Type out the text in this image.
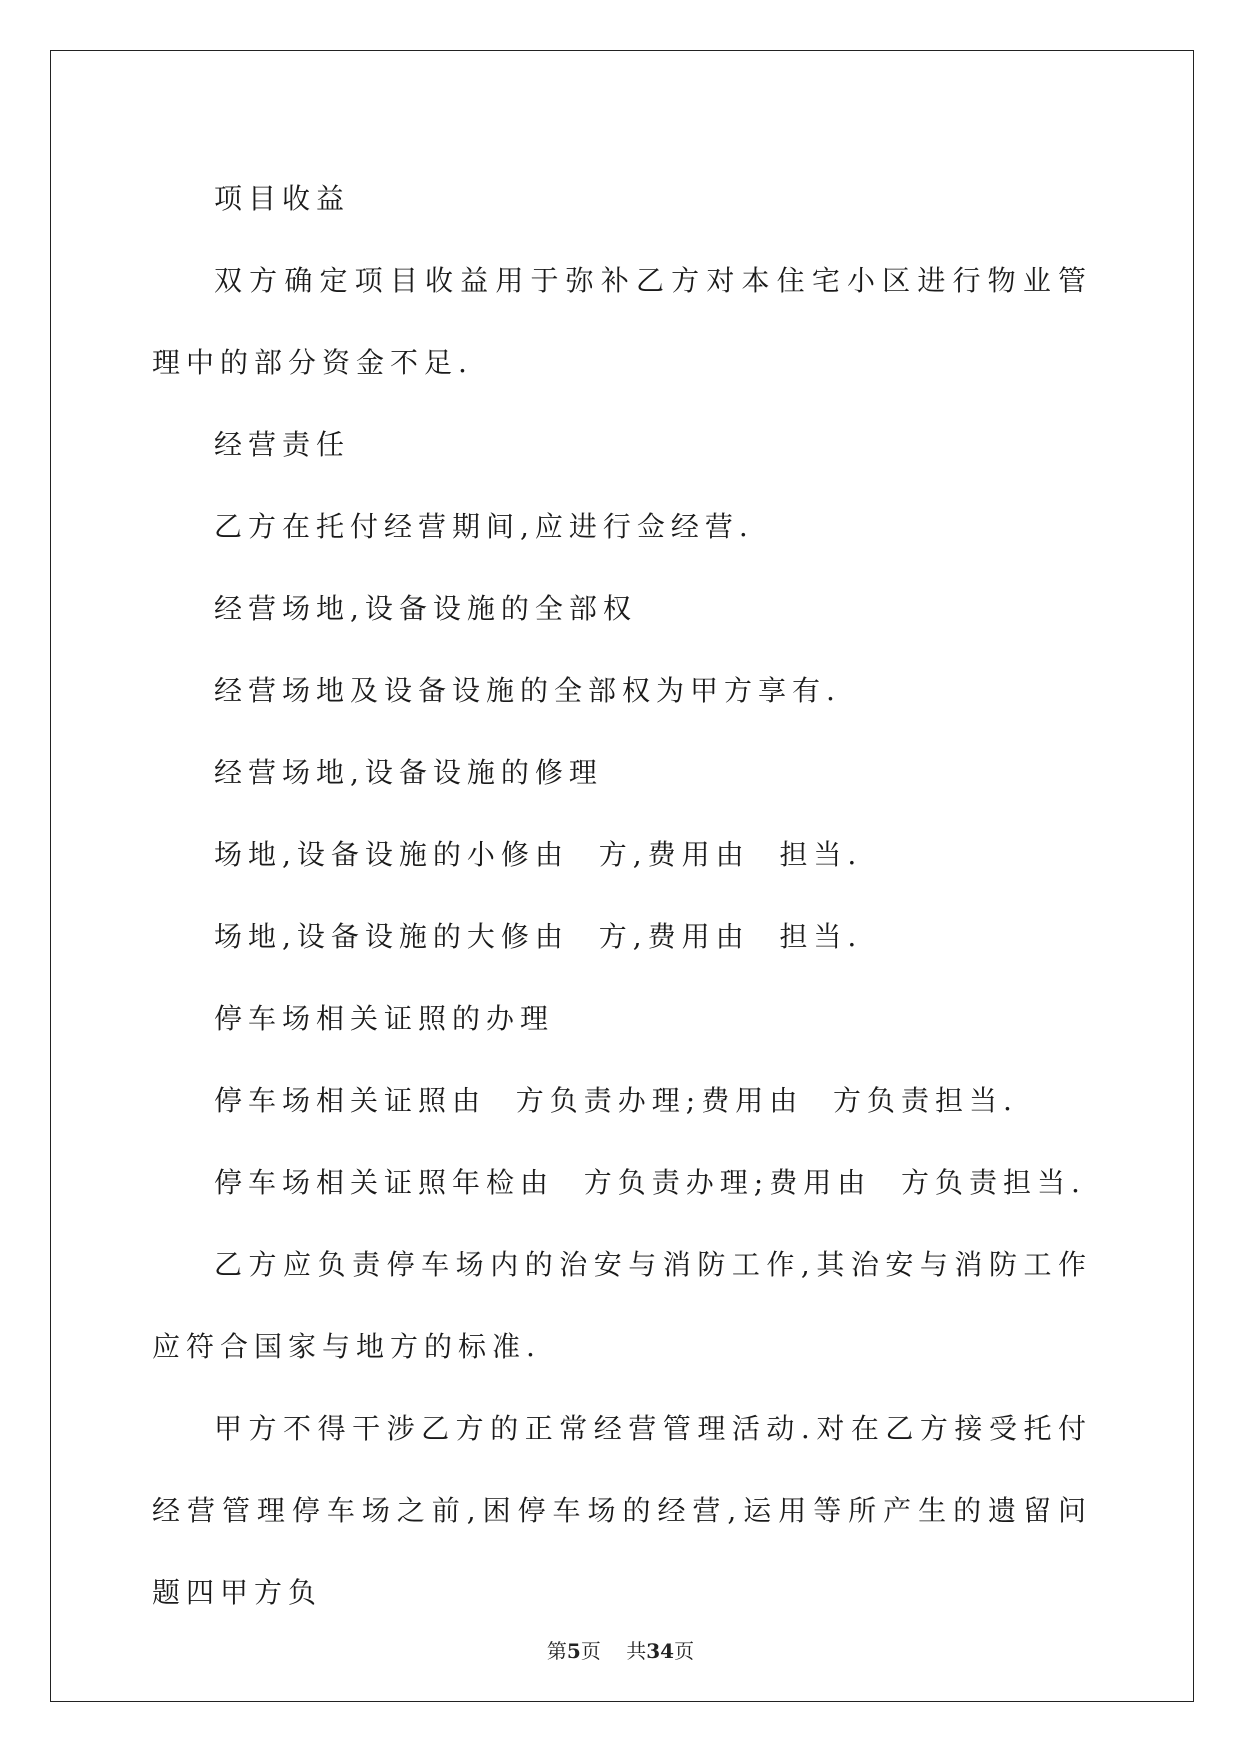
项目收益

双方确定项目收益用于弥补乙方对本住宅小区进行物业管理中的部分资金不足.

经营责任

乙方在托付经营期间,应进行佥经营.

经营场地,设备设施的全部权

经营场地及设备设施的全部权为甲方享有.

经营场地,设备设施的修理

场地,设备设施的小修由  方,费用由  担当.

场地,设备设施的大修由  方,费用由  担当.

停车场相关证照的办理

停车场相关证照由  方负责办理;费用由  方负责担当.

停车场相关证照年检由  方负责办理;费用由  方负责担当.

乙方应负责停车场内的治安与消防工作,其治安与消防工作应符合国家与地方的标准.

甲方不得干涉乙方的正常经营管理活动.对在乙方接受托付经营管理停车场之前,困停车场的经营,运用等所产生的遗留问题四甲方负

第5页 共34页
